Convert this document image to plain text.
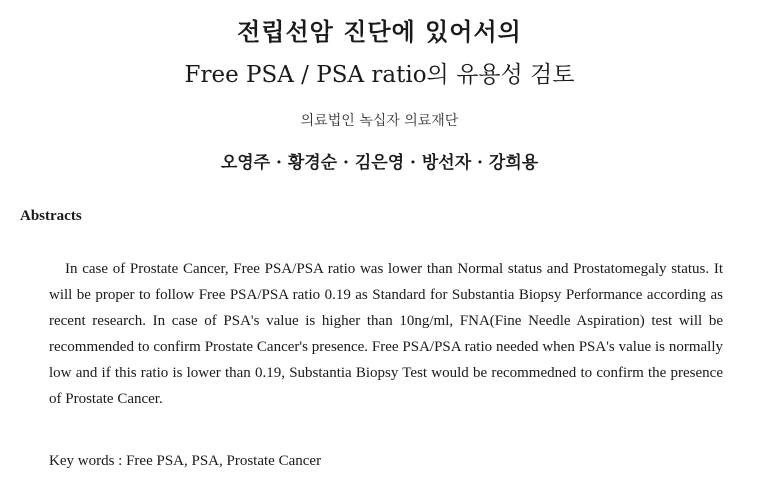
전립선암 진단에 있어서의
Free PSA / PSA ratio의 유용성 검토
의료법인 녹십자 의료재단
오영주 · 황경순 · 김은영 · 방선자 · 강희용
Abstracts

In case of Prostate Cancer, Free PSA/PSA ratio was lower than Normal status and Prostatomegaly status. It will be proper to follow Free PSA/PSA ratio 0.19 as Standard for Substantia Biopsy Performance according as recent research. In case of PSA's value is higher than 10ng/ml, FNA(Fine Needle Aspiration) test will be recommended to confirm Prostate Cancer's presence. Free PSA/PSA ratio needed when PSA's value is normally low and if this ratio is lower than 0.19, Substantia Biopsy Test would be recommedned to confirm the presence of Prostate Cancer.

Key words : Free PSA, PSA, Prostate Cancer
